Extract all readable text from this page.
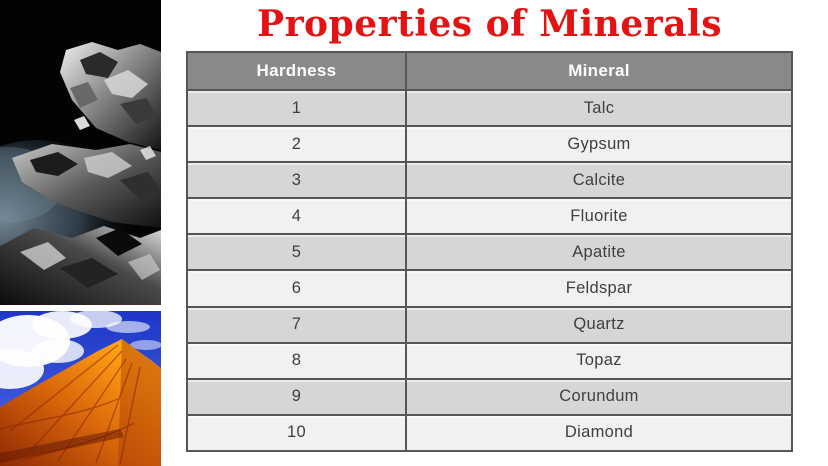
Properties of Minerals
Hardness	Mineral
1	Talc
2	Gypsum
3	Calcite
4	Fluorite
5	Apatite
6	Feldspar
7	Quartz
8	Topaz
9	Corundum
10	Diamond
